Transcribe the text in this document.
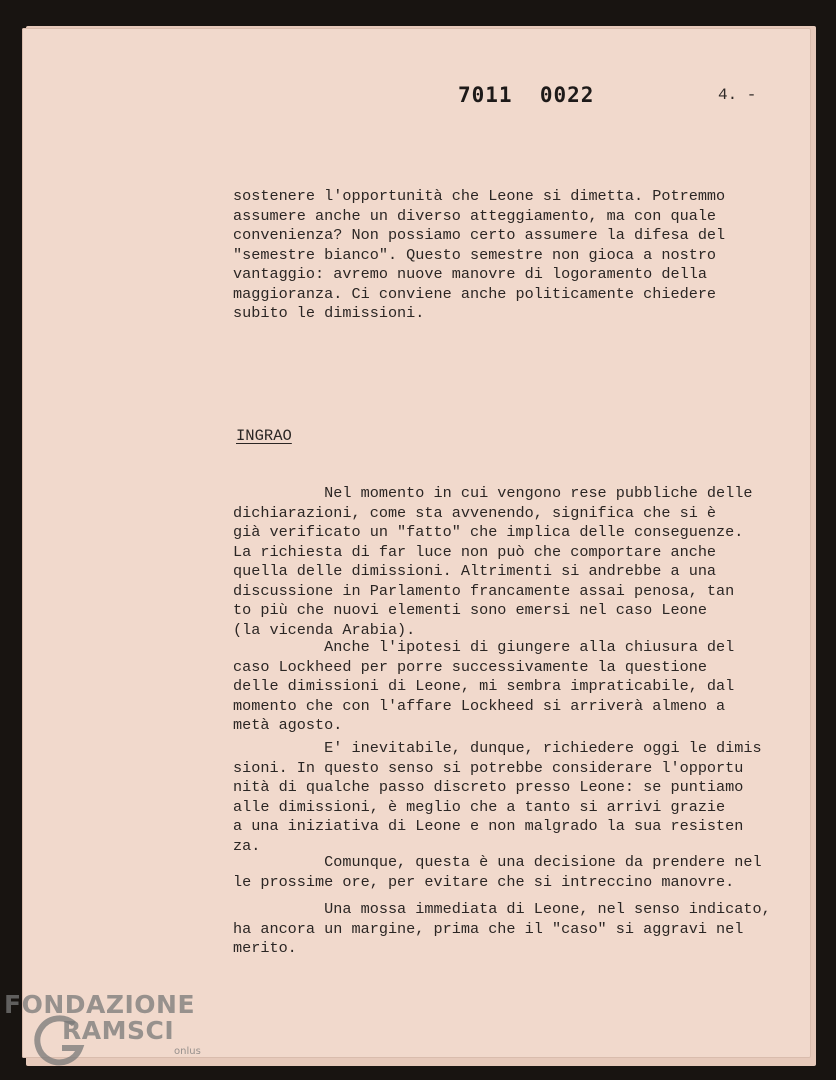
7011  0022	4. -
sostenere l'opportunità che Leone si dimetta. Potremmo
assumere anche un diverso atteggiamento, ma con quale
convenienza? Non possiamo certo assumere la difesa del
"semestre bianco". Questo semestre non gioca a nostro
vantaggio: avremo nuove manovre di logoramento della
maggioranza. Ci conviene anche politicamente chiedere
subito le dimissioni.
INGRAO
Nel momento in cui vengono rese pubbliche delle
dichiarazioni, come sta avvenendo, significa che si è
già verificato un "fatto" che implica delle conseguenze.
La richiesta di far luce non può che comportare anche
quella delle dimissioni. Altrimenti si andrebbe a una
discussione in Parlamento francamente assai penosa, tan
to più che nuovi elementi sono emersi nel caso Leone
(la vicenda Arabia).
Anche l'ipotesi di giungere alla chiusura del
caso Lockheed per porre successivamente la questione
delle dimissioni di Leone, mi sembra impraticabile, dal
momento che con l'affare Lockheed si arriverà almeno a
metà agosto.
E' inevitabile, dunque, richiedere oggi le dimis
sioni. In questo senso si potrebbe considerare l'opportu
nità di qualche passo discreto presso Leone: se puntiamo
alle dimissioni, è meglio che a tanto si arrivi grazie
a una iniziativa di Leone e non malgrado la sua resisten
za.
Comunque, questa è una decisione da prendere nel
le prossime ore, per evitare che si intreccino manovre.
Una mossa immediata di Leone, nel senso indicato,
ha ancora un margine, prima che il "caso" si aggravi nel
merito.
FONDAZIONE
RAMSCI
onlus
